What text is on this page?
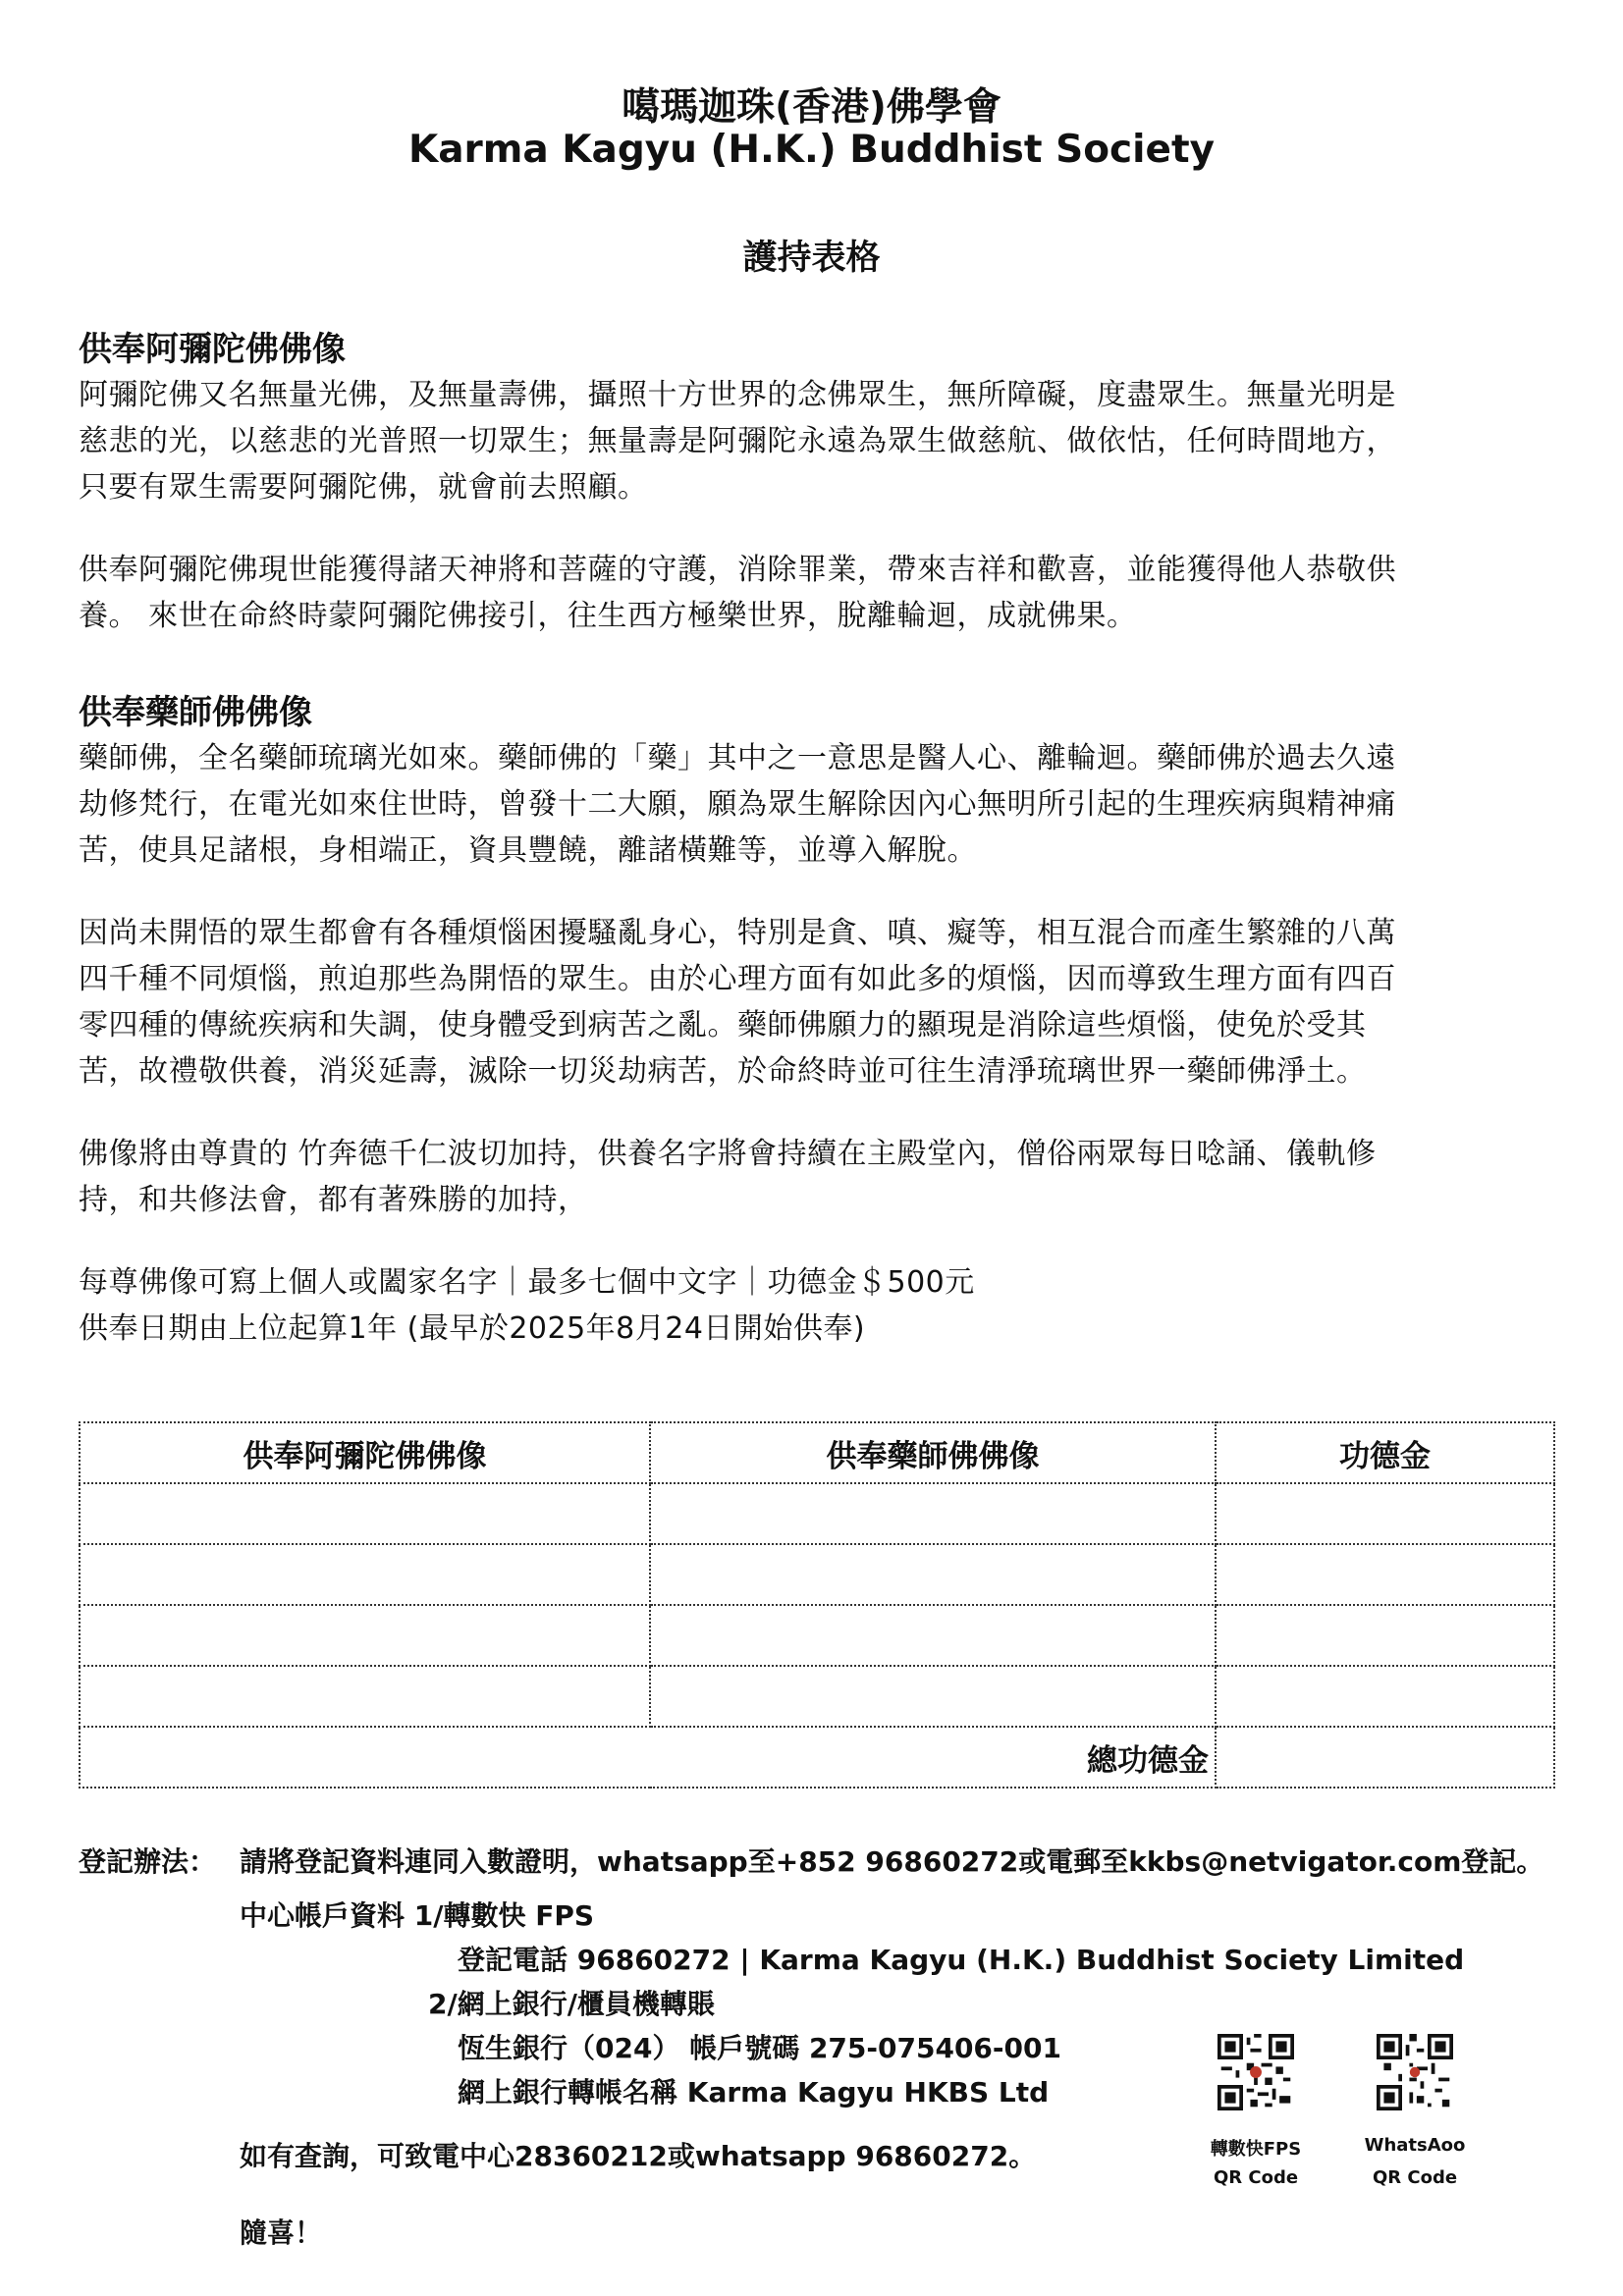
噶瑪迦珠(香港)佛學會
Karma Kagyu (H.K.) Buddhist Society
護持表格
供奉阿彌陀佛佛像

阿彌陀佛又名無量光佛，及無量壽佛，攝照十方世界的念佛眾生，無所障礙，度盡眾生。無量光明是
慈悲的光，以慈悲的光普照一切眾生；無量壽是阿彌陀永遠為眾生做慈航、做依怙，任何時間地方，
只要有眾生需要阿彌陀佛，就會前去照顧。

供奉阿彌陀佛現世能獲得諸天神將和菩薩的守護，消除罪業，帶來吉祥和歡喜，並能獲得他人恭敬供
養。 來世在命終時蒙阿彌陀佛接引，往生西方極樂世界，脫離輪迴，成就佛果。

供奉藥師佛佛像

藥師佛，全名藥師琉璃光如來。藥師佛的「藥」其中之一意思是醫人心、離輪迴。藥師佛於過去久遠
劫修梵行，在電光如來住世時，曾發十二大願，願為眾生解除因內心無明所引起的生理疾病與精神痛
苦，使具足諸根，身相端正，資具豐饒，離諸橫難等，並導入解脫。

因尚未開悟的眾生都會有各種煩惱困擾騷亂身心，特別是貪、嗔、癡等，相互混合而產生繁雜的八萬
四千種不同煩惱，煎迫那些為開悟的眾生。由於心理方面有如此多的煩惱，因而導致生理方面有四百
零四種的傳統疾病和失調，使身體受到病苦之亂。藥師佛願力的顯現是消除這些煩惱，使免於受其
苦，故禮敬供養，消災延壽，滅除一切災劫病苦，於命終時並可往生清淨琉璃世界一藥師佛淨土。

佛像將由尊貴的 竹奔德千仁波切加持，供養名字將會持續在主殿堂內，僧俗兩眾每日唸誦、儀軌修
持，和共修法會，都有著殊勝的加持，

每尊佛像可寫上個人或闔家名字｜最多七個中文字｜功德金＄500元
供奉日期由上位起算1年 (最早於2025年8月24日開始供奉)

供奉阿彌陀佛佛像	供奉藥師佛佛像	功德金

總功德金		
登記辦法： 請將登記資料連同入數證明，whatsapp至+852 96860272或電郵至kkbs@netvigator.com登記。
中心帳戶資料 1/轉數快 FPS
登記電話 96860272 | Karma Kagyu (H.K.) Buddhist Society Limited
2/網上銀行/櫃員機轉賬
恆生銀行（024） 帳戶號碼 275-075406-001
網上銀行轉帳名稱 Karma Kagyu HKBS Ltd
如有查詢，可致電中心28360212或whatsapp 96860272。
隨喜！
轉數快FPS
QR Code
WhatsAoo
QR Code
